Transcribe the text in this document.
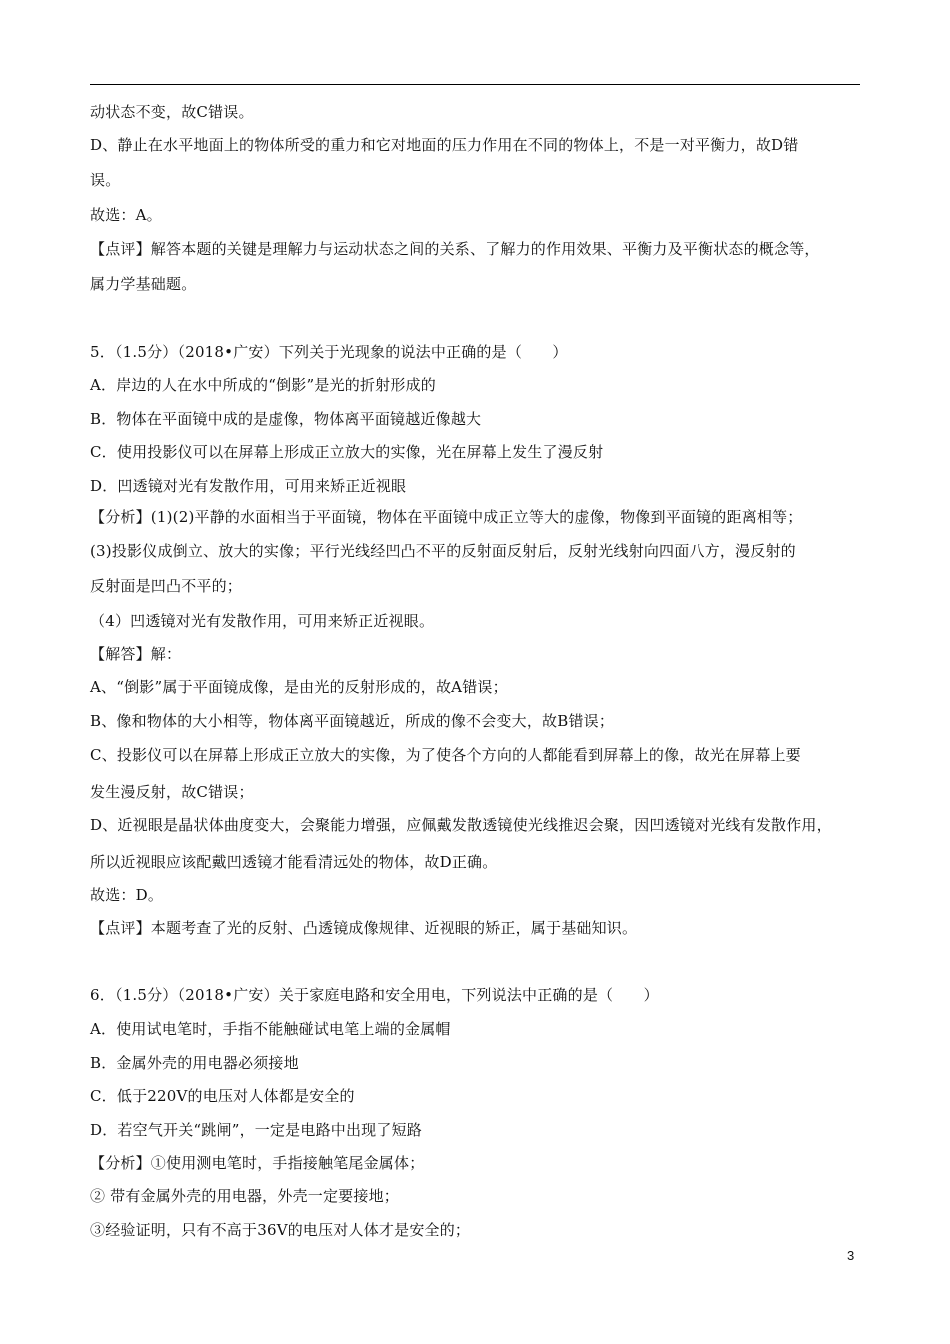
动状态不变，故C错误。
D、静止在水平地面上的物体所受的重力和它对地面的压力作用在不同的物体上，不是一对平衡力，故D错
误。
故选：A。
【点评】解答本题的关键是理解力与运动状态之间的关系、了解力的作用效果、平衡力及平衡状态的概念等，
属力学基础题。
5．（1.5分）（2018•广安）下列关于光现象的说法中正确的是（　　）
A．岸边的人在水中所成的“倒影”是光的折射形成的
B．物体在平面镜中成的是虚像，物体离平面镜越近像越大
C．使用投影仪可以在屏幕上形成正立放大的实像，光在屏幕上发生了漫反射
D．凹透镜对光有发散作用，可用来矫正近视眼
【分析】(1)(2)平静的水面相当于平面镜，物体在平面镜中成正立等大的虚像，物像到平面镜的距离相等；
(3)投影仪成倒立、放大的实像；平行光线经凹凸不平的反射面反射后，反射光线射向四面八方，漫反射的
反射面是凹凸不平的；
（4）凹透镜对光有发散作用，可用来矫正近视眼。
【解答】解：
A、“倒影”属于平面镜成像，是由光的反射形成的，故A错误；
B、像和物体的大小相等，物体离平面镜越近，所成的像不会变大，故B错误；
C、投影仪可以在屏幕上形成正立放大的实像，为了使各个方向的人都能看到屏幕上的像，故光在屏幕上要
发生漫反射，故C错误；
D、近视眼是晶状体曲度变大，会聚能力增强，应佩戴发散透镜使光线推迟会聚，因凹透镜对光线有发散作用，
所以近视眼应该配戴凹透镜才能看清远处的物体，故D正确。
故选：D。
【点评】本题考查了光的反射、凸透镜成像规律、近视眼的矫正，属于基础知识。
6．（1.5分）（2018•广安）关于家庭电路和安全用电，下列说法中正确的是（　　）
A．使用试电笔时，手指不能触碰试电笔上端的金属帽
B．金属外壳的用电器必须接地
C．低于220V的电压对人体都是安全的
D．若空气开关“跳闸”，一定是电路中出现了短路
【分析】①使用测电笔时，手指接触笔尾金属体；
② 带有金属外壳的用电器，外壳一定要接地；
③经验证明，只有不高于36V的电压对人体才是安全的；
3
